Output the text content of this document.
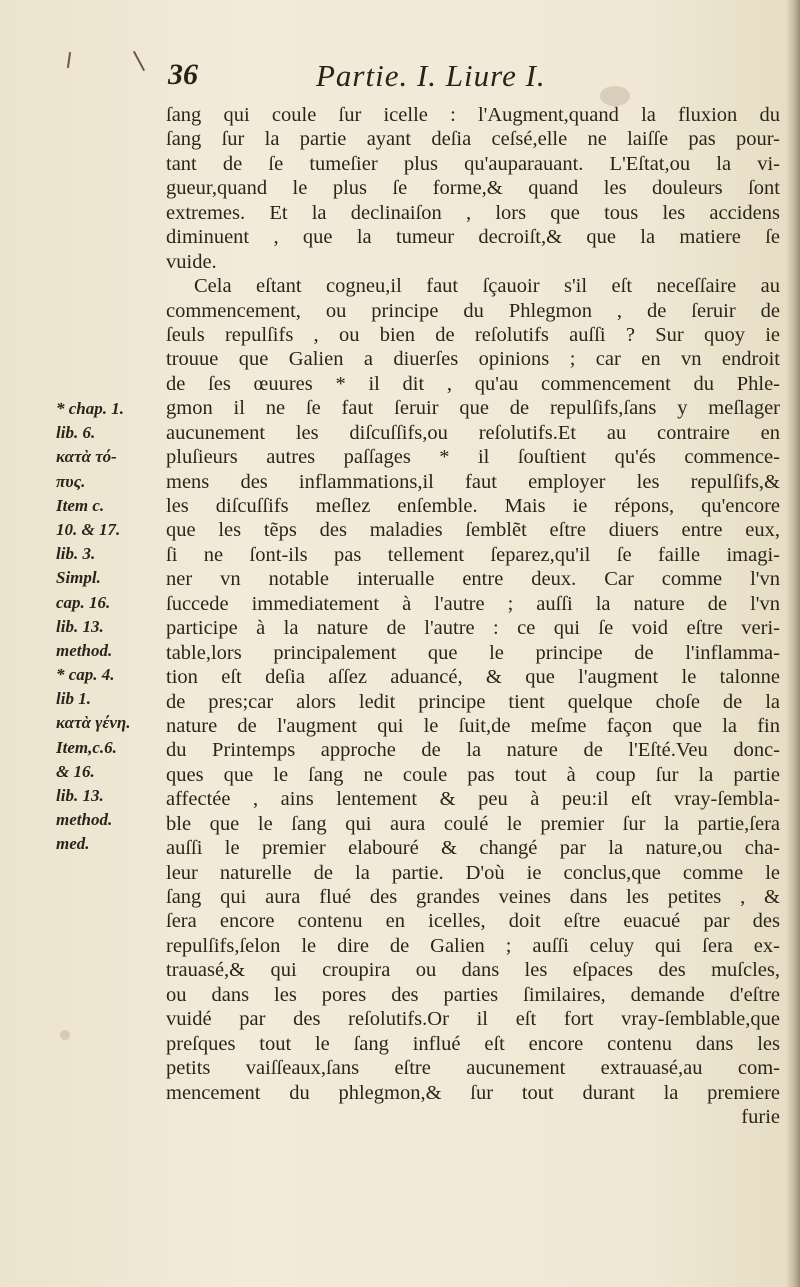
36	Partie. I. Liure I.
ſang qui coule ſur icelle : l'Augment,quand la fluxion du
ſang ſur la partie ayant deſia ceſsé,elle ne laiſſe pas pour-
tant de ſe tumeſier plus qu'auparauant. L'Eſtat,ou la vi-
gueur,quand le plus ſe forme,& quand les douleurs ſont
extremes. Et la declinaiſon , lors que tous les accidens
diminuent , que la tumeur decroiſt,& que la matiere ſe
vuide.
Cela eſtant cogneu,il faut ſçauoir s'il eſt neceſſaire au
commencement, ou principe du Phlegmon , de ſeruir de
ſeuls repulſifs , ou bien de reſolutifs auſſi ? Sur quoy ie
trouue que Galien a diuerſes opinions ; car en vn endroit
de ſes œuures * il dit , qu'au commencement du Phle-
gmon il ne ſe faut ſeruir que de repulſifs,ſans y meſlager
aucunement les diſcuſſifs,ou reſolutifs.Et au contraire en
pluſieurs autres paſſages * il ſouſtient qu'és commence-
mens des inflammations,il faut employer les repulſifs,&
les diſcuſſifs meſlez enſemble. Mais ie répons, qu'encore
que les tẽps des maladies ſemblẽt eſtre diuers entre eux,
ſi ne ſont-ils pas tellement ſeparez,qu'il ſe faille imagi-
ner vn notable interualle entre deux. Car comme l'vn
ſuccede immediatement à l'autre ; auſſi la nature de l'vn
participe à la nature de l'autre : ce qui ſe void eſtre veri-
table,lors principalement que le principe de l'inflamma-
tion eſt deſia aſſez aduancé, & que l'augment le talonne
de pres;car alors ledit principe tient quelque choſe de la
nature de l'augment qui le ſuit,de meſme façon que la fin
du Printemps approche de la nature de l'Eſté.Veu donc-
ques que le ſang ne coule pas tout à coup ſur la partie
affectée , ains lentement & peu à peu:il eſt vray-ſembla-
ble que le ſang qui aura coulé le premier ſur la partie,ſera
auſſi le premier elabouré & changé par la nature,ou cha-
leur naturelle de la partie. D'où ie conclus,que comme le
ſang qui aura flué des grandes veines dans les petites , &
ſera encore contenu en icelles, doit eſtre euacué par des
repulſifs,ſelon le dire de Galien ; auſſi celuy qui ſera ex-
trauasé,& qui croupira ou dans les eſpaces des muſcles,
ou dans les pores des parties ſimilaires, demande d'eſtre
vuidé par des reſolutifs.Or il eſt fort vray-ſemblable,que
preſques tout le ſang influé eſt encore contenu dans les
petits vaiſſeaux,ſans eſtre aucunement extrauasé,au com-
mencement du phlegmon,& ſur tout durant la premiere
furie
* chap. 1.
lib. 6.
κατὰ τό-
πυς.
Item c.
10. & 17.
lib. 3.
Simpl.
cap. 16.
lib. 13.
method.
* cap. 4.
lib 1.
κατὰ γένη.
Item,c.6.
& 16.
lib. 13.
method.
med.
